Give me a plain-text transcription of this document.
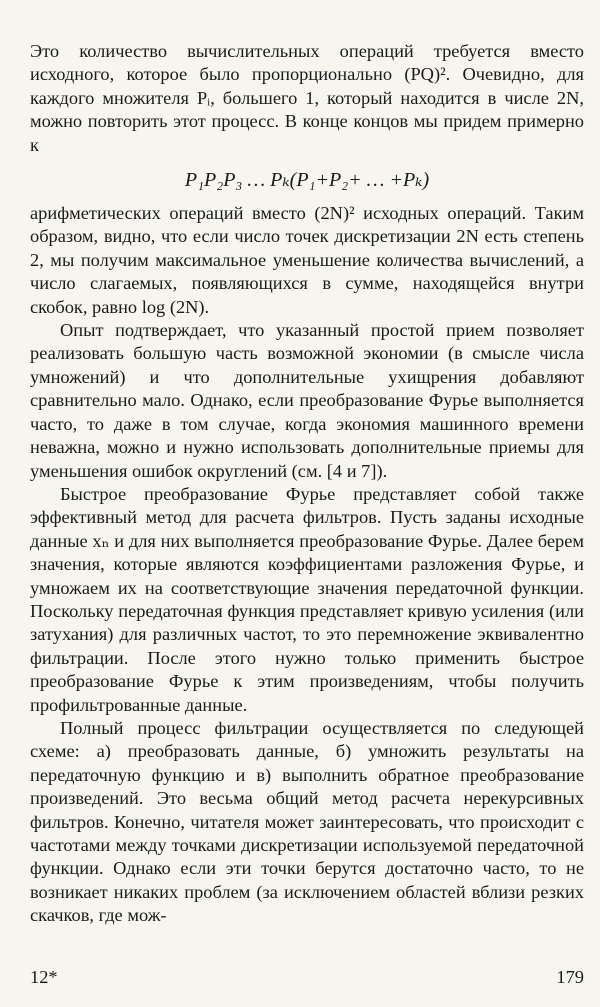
Это количество вычислительных операций требуется вместо исходного, которое было пропорционально (PQ)². Очевидно, для каждого множителя Pᵢ, большего 1, который находится в числе 2N, можно повторить этот процесс. В конце концов мы придем примерно к

P₁P₂P₃ … Pₖ(P₁+P₂+ … +Pₖ)

арифметических операций вместо (2N)² исходных операций. Таким образом, видно, что если число точек дискретизации 2N есть степень 2, мы получим максимальное уменьшение количества вычислений, а число слагаемых, появляющихся в сумме, находящейся внутри скобок, равно log (2N).

Опыт подтверждает, что указанный простой прием позволяет реализовать большую часть возможной экономии (в смысле числа умножений) и что дополнительные ухищрения добавляют сравнительно мало. Однако, если преобразование Фурье выполняется часто, то даже в том случае, когда экономия машинного времени неважна, можно и нужно использовать дополнительные приемы для уменьшения ошибок округлений (см. [4 и 7]).

Быстрое преобразование Фурье представляет собой также эффективный метод для расчета фильтров. Пусть заданы исходные данные xₙ и для них выполняется преобразование Фурье. Далее берем значения, которые являются коэффициентами разложения Фурье, и умножаем их на соответствующие значения передаточной функции. Поскольку передаточная функция представляет кривую усиления (или затухания) для различных частот, то это перемножение эквивалентно фильтрации. После этого нужно только применить быстрое преобразование Фурье к этим произведениям, чтобы получить профильтрованные данные.

Полный процесс фильтрации осуществляется по следующей схеме: а) преобразовать данные, б) умножить результаты на передаточную функцию и в) выполнить обратное преобразование произведений. Это весьма общий метод расчета нерекурсивных фильтров. Конечно, читателя может заинтересовать, что происходит с частотами между точками дискретизации используемой передаточной функции. Однако если эти точки берутся достаточно часто, то не возникает никаких проблем (за исключением областей вблизи резких скачков, где мож-

12*	179
